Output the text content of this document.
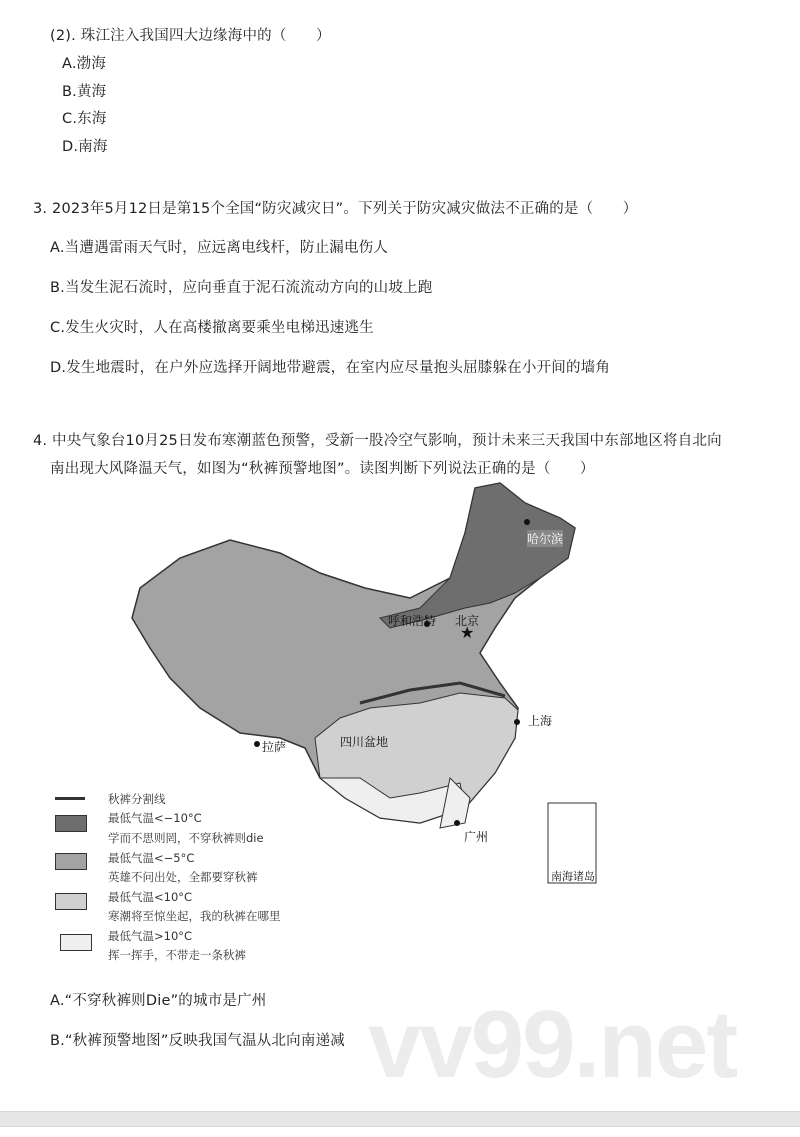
(2). 珠江注入我国四大边缘海中的（　　）
A.渤海
B.黄海
C.东海
D.南海
3. 2023年5月12日是第15个全国“防灾减灾日”。下列关于防灾减灾做法不正确的是（　　）
A.当遭遇雷雨天气时，应远离电线杆，防止漏电伤人
B.当发生泥石流时，应向垂直于泥石流流动方向的山坡上跑
C.发生火灾时，人在高楼撤离要乘坐电梯迅速逃生
D.发生地震时，在户外应选择开阔地带避震，在室内应尽量抱头屈膝躲在小开间的墙角
4. 中央气象台10月25日发布寒潮蓝色预警，受新一股冷空气影响，预计未来三天我国中东部地区将自北向
南出现大风降温天气，如图为“秋裤预警地图”。读图判断下列说法正确的是（　　）
★
哈尔滨
呼和浩特 北京
上海
拉萨	四川盆地
广州
南海诸岛
秋裤分割线
最低气温<−10°C
学而不思则罔，不穿秋裤则die
最低气温<−5°C
英雄不问出处，全都要穿秋裤
最低气温<10°C
寒潮将至惊坐起，我的秋裤在哪里
最低气温>10°C
挥一挥手，不带走一条秋裤
vv99.net
A.“不穿秋裤则Die”的城市是广州
B.“秋裤预警地图”反映我国气温从北向南递减
